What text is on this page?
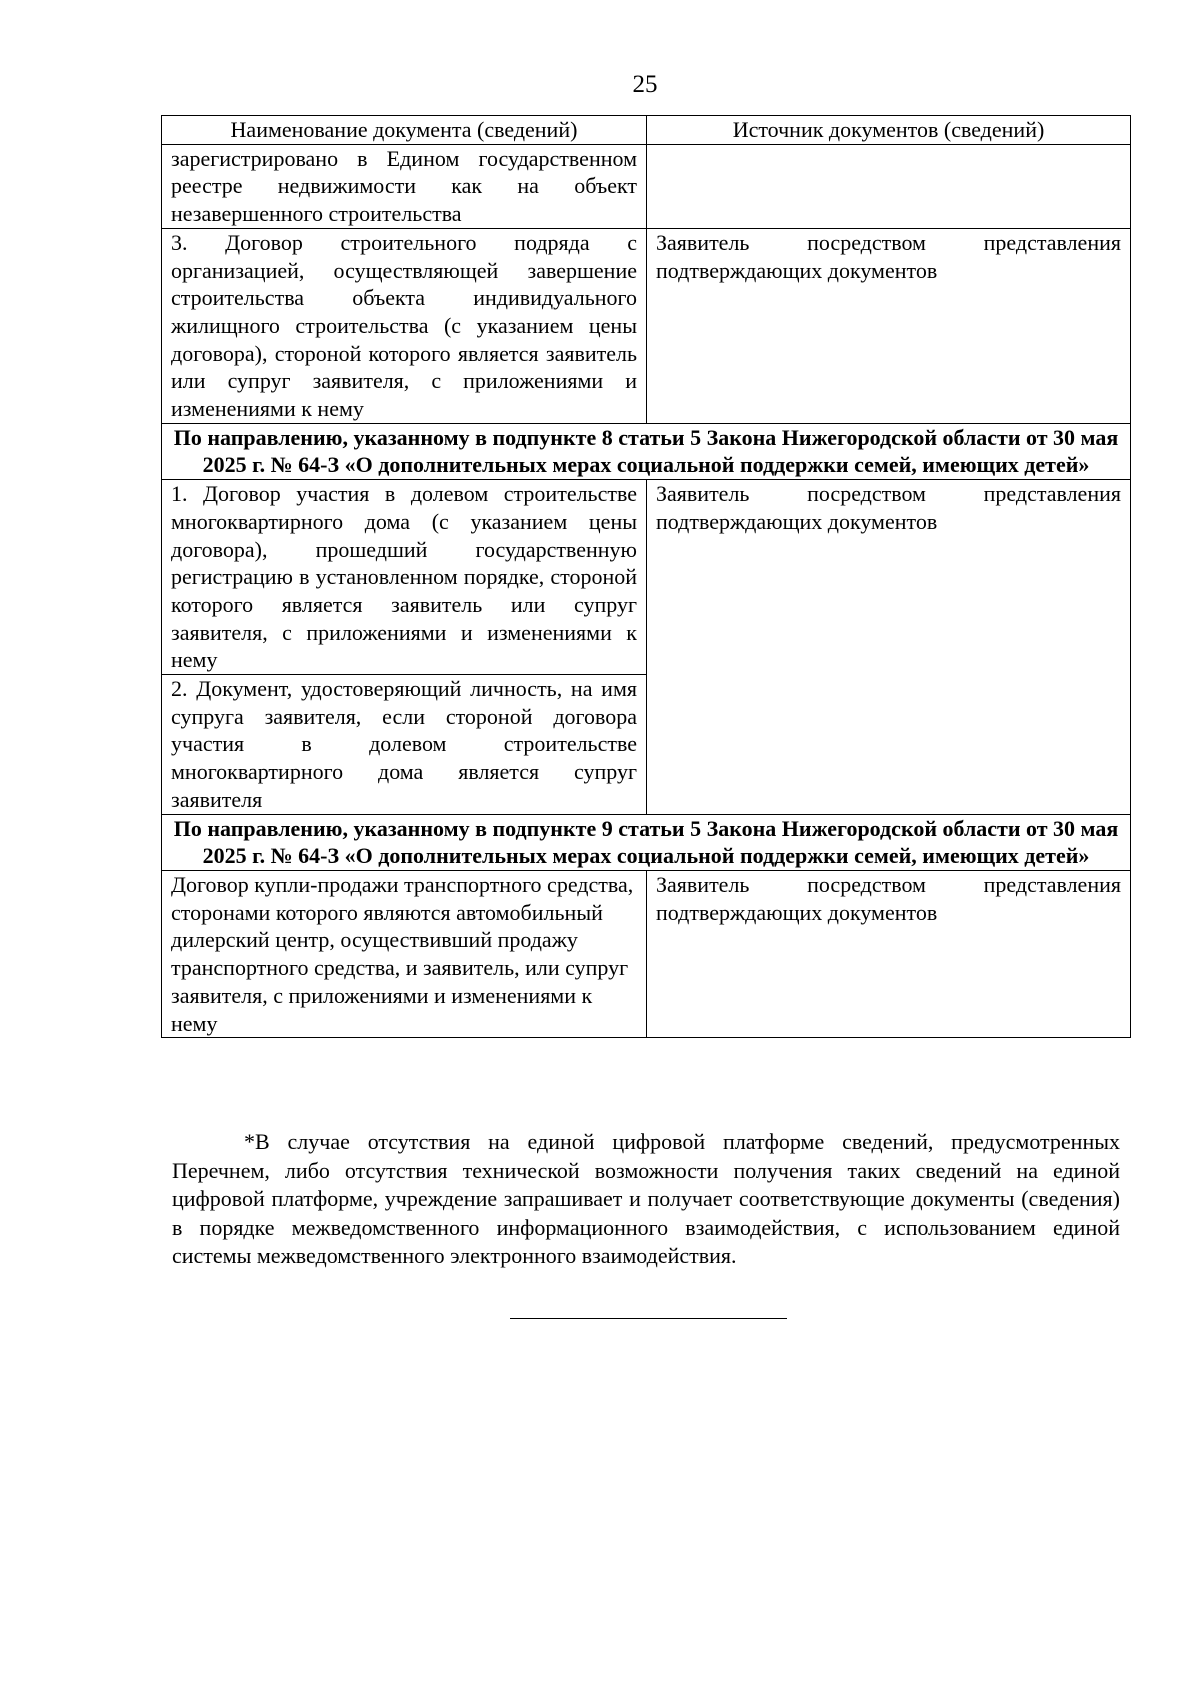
25
Наименование документа (сведений)	Источник документов (сведений)
зарегистрировано в Едином государственном реестре недвижимости как на объект незавершенного строительства	
3. Договор строительного подряда с организацией, осуществляющей завершение строительства объекта индивидуального жилищного строительства (с указанием цены договора), стороной которого является заявитель или супруг заявителя, с приложениями и изменениями к нему	Заявитель посредством представления подтверждающих документов
По направлению, указанному в подпункте 8 статьи 5 Закона Нижегородской области от 30 мая 2025 г. № 64-З «О дополнительных мерах социальной поддержки семей, имеющих детей»	
1. Договор участия в долевом строительстве многоквартирного дома (с указанием цены договора), прошедший государственную регистрацию в установленном порядке, стороной которого является заявитель или супруг заявителя, с приложениями и изменениями к нему	Заявитель посредством представления подтверждающих документов
2. Документ, удостоверяющий личность, на имя супруга заявителя, если стороной договора участия в долевом строительстве многоквартирного дома является супруг заявителя	
По направлению, указанному в подпункте 9 статьи 5 Закона Нижегородской области от 30 мая 2025 г. № 64-З «О дополнительных мерах социальной поддержки семей, имеющих детей»	
Договор купли-продажи транспортного средства, сторонами которого являются автомобильный дилерский центр, осуществивший продажу транспортного средства, и заявитель, или супруг заявителя, с приложениями и изменениями к нему	Заявитель посредством представления подтверждающих документов
*В случае отсутствия на единой цифровой платформе сведений, предусмотренных Перечнем, либо отсутствия технической возможности получения таких сведений на единой цифровой платформе, учреждение запрашивает и получает соответствующие документы (сведения) в порядке межведомственного информационного взаимодействия, с использованием единой системы межведомственного электронного взаимодействия.
